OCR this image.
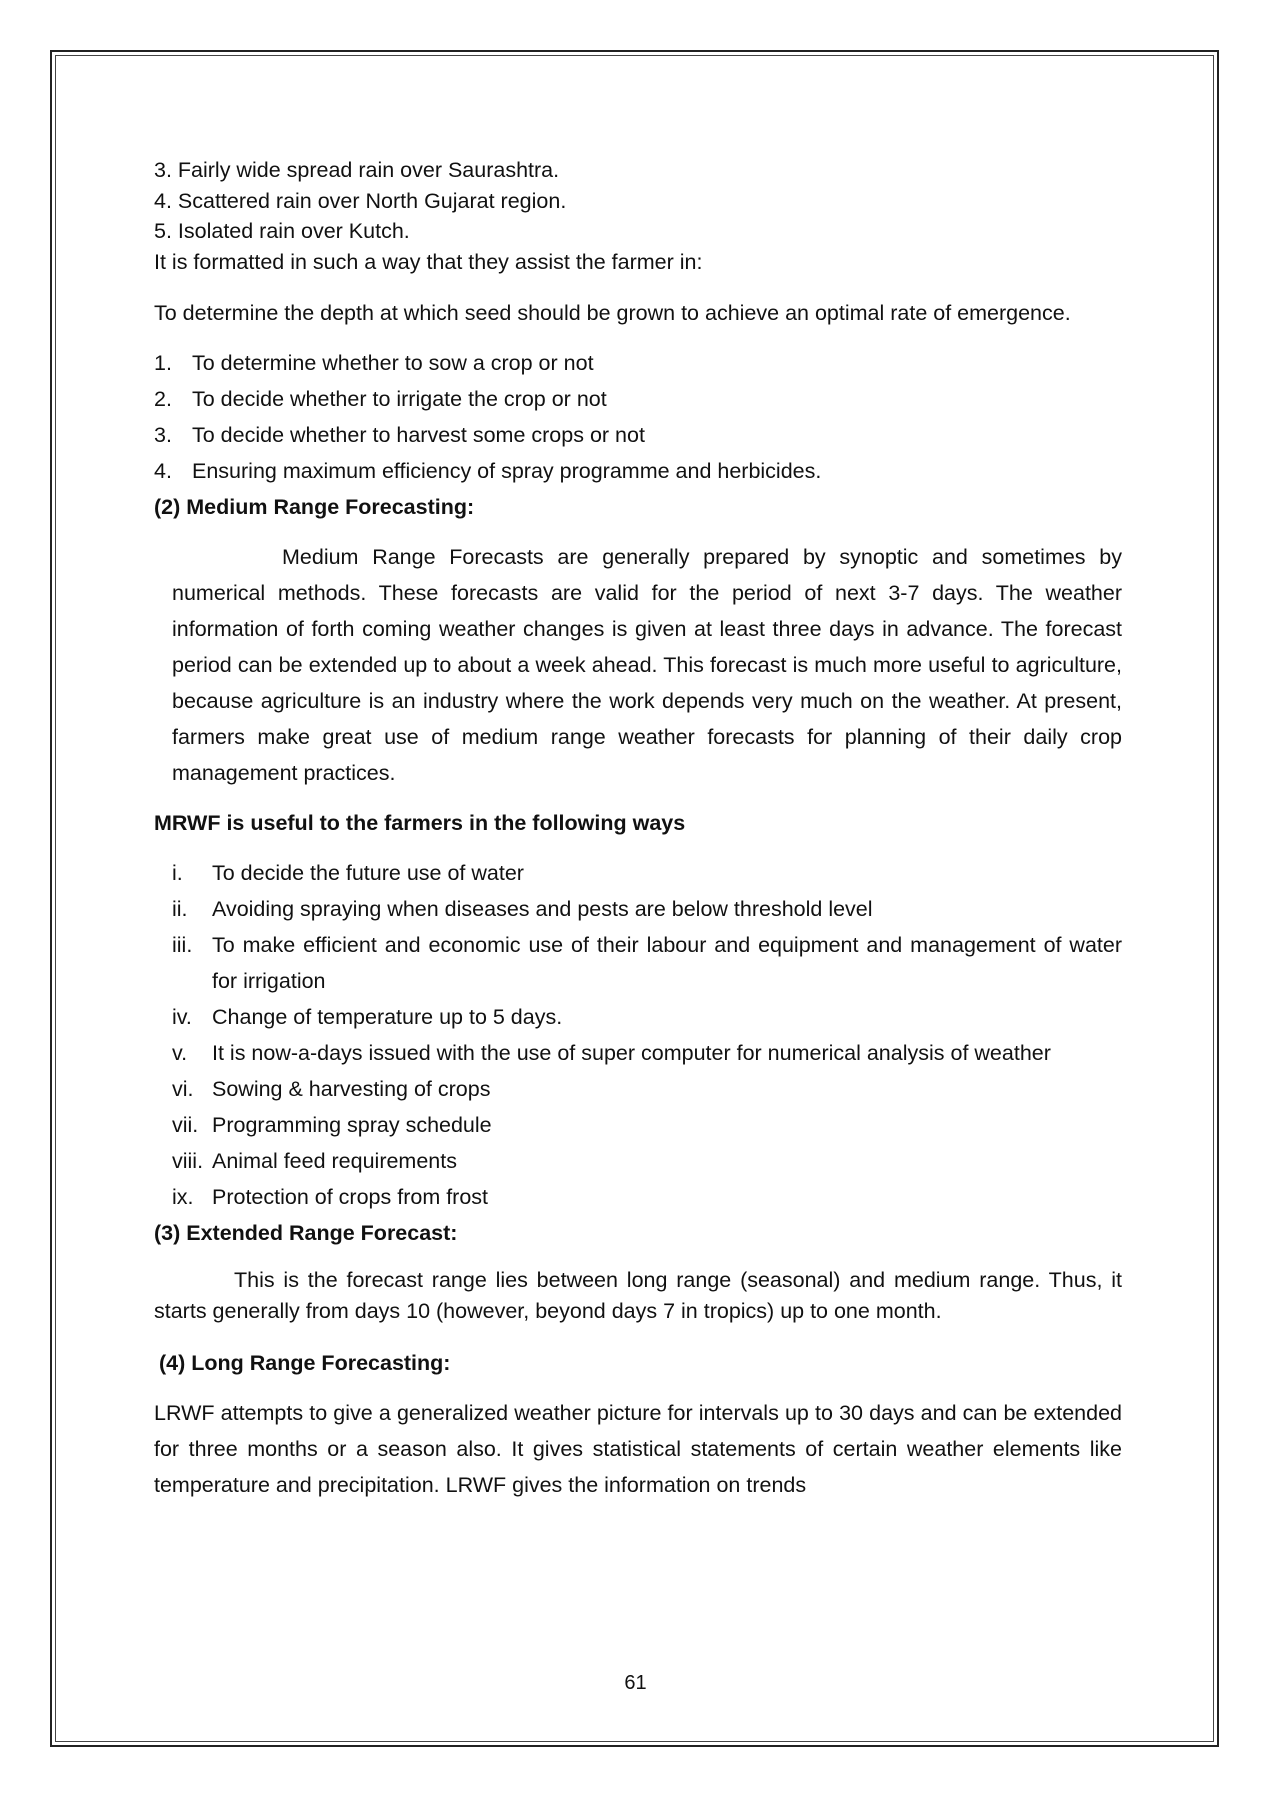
3. Fairly wide spread rain over Saurashtra.

4. Scattered rain over North Gujarat region.

5. Isolated rain over Kutch.

It is formatted in such a way that they assist the farmer in:

To determine the depth at which seed should be grown to achieve an optimal rate of emergence.

1. To determine whether to sow a crop or not
2. To decide whether to irrigate the crop or not
3. To decide whether to harvest some crops or not
4. Ensuring maximum efficiency of spray programme and herbicides.

(2) Medium Range Forecasting:

Medium Range Forecasts are generally prepared by synoptic and sometimes by numerical methods. These forecasts are valid for the period of next 3-7 days. The weather information of forth coming weather changes is given at least three days in advance. The forecast period can be extended up to about a week ahead. This forecast is much more useful to agriculture, because agriculture is an industry where the work depends very much on the weather. At present, farmers make great use of medium range weather forecasts for planning of their daily crop management practices.

MRWF is useful to the farmers in the following ways

i.	To decide the future use of water
ii.	Avoiding spraying when diseases and pests are below threshold level
iii. To make efficient and economic use of their labour and equipment and management of water for irrigation
iv. Change of temperature up to 5 days.
v.	It is now-a-days issued with the use of super computer for numerical analysis of weather
vi. Sowing & harvesting of crops
vii. Programming spray schedule
viii. Animal feed requirements
ix. Protection of crops from frost

(3) Extended Range Forecast:

This is the forecast range lies between long range (seasonal) and medium range. Thus, it starts generally from days 10 (however, beyond days 7 in tropics) up to one month.

(4) Long Range Forecasting:

LRWF attempts to give a generalized weather picture for intervals up to 30 days and can be extended for three months or a season also. It gives statistical statements of certain weather elements like temperature and precipitation. LRWF gives the information on trends

61
